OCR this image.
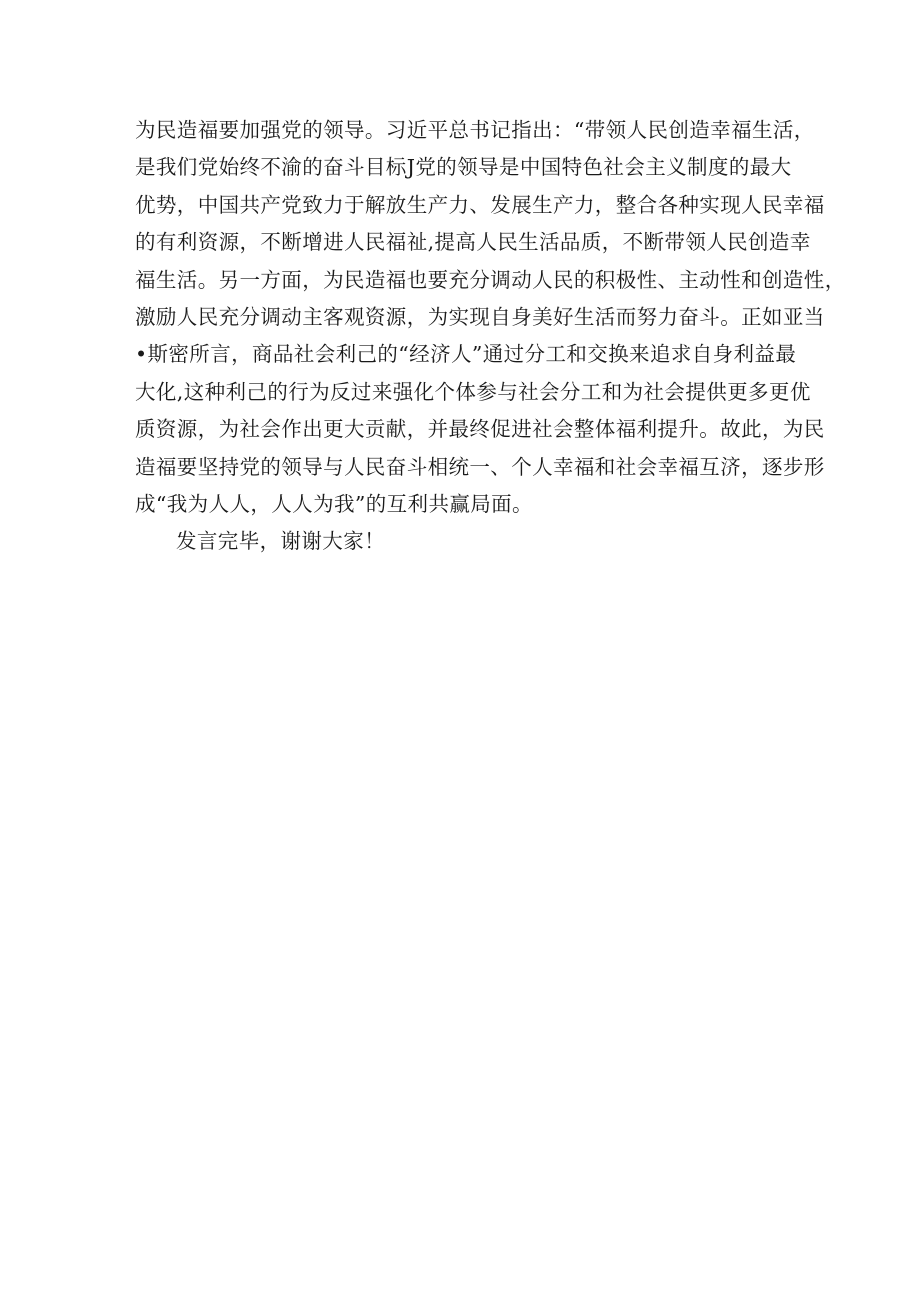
为民造福要加强党的领导。习近平总书记指出：“带领人民创造幸福生活，
是我们党始终不渝的奋斗目标J党的领导是中国特色社会主义制度的最大
优势，中国共产党致力于解放生产力、发展生产力，整合各种实现人民幸福
的有利资源，不断增进人民福祉,提高人民生活品质，不断带领人民创造幸
福生活。另一方面，为民造福也要充分调动人民的积极性、主动性和创造性，
激励人民充分调动主客观资源，为实现自身美好生活而努力奋斗。正如亚当
•斯密所言，商品社会利己的“经济人”通过分工和交换来追求自身利益最
大化,这种利己的行为反过来强化个体参与社会分工和为社会提供更多更优
质资源，为社会作出更大贡献，并最终促进社会整体福利提升。故此，为民
造福要坚持党的领导与人民奋斗相统一、个人幸福和社会幸福互济，逐步形
成“我为人人，人人为我”的互利共赢局面。
发言完毕，谢谢大家！
